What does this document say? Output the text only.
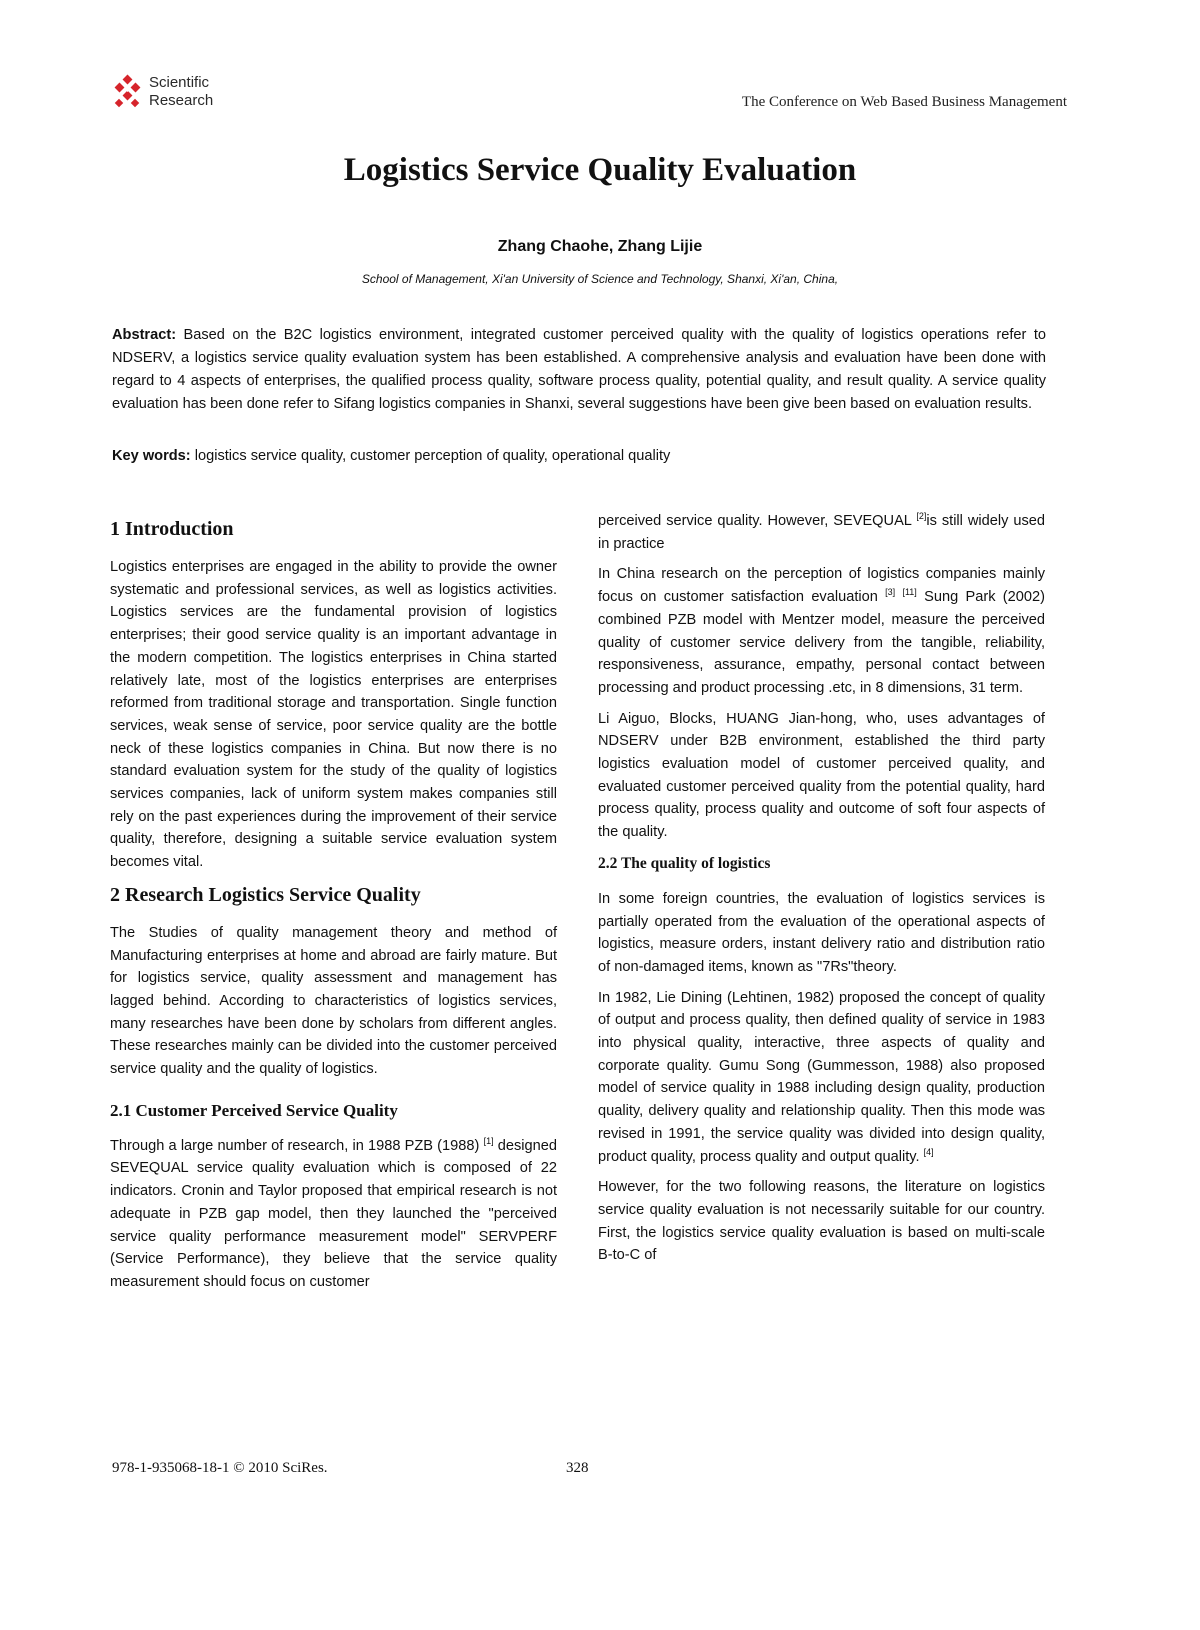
Scientific
Research	The Conference on Web Based Business Management
Logistics Service Quality Evaluation
Zhang Chaohe, Zhang Lijie
School of Management, Xi'an University of Science and Technology, Shanxi, Xi'an, China,
Abstract: Based on the B2C logistics environment, integrated customer perceived quality with the quality of logistics operations refer to NDSERV, a logistics service quality evaluation system has been established. A comprehensive analysis and evaluation have been done with regard to 4 aspects of enterprises, the qualified process quality, software process quality, potential quality, and result quality. A service quality evaluation has been done refer to Sifang logistics companies in Shanxi, several suggestions have been give been based on evaluation results.
Key words: logistics service quality, customer perception of quality, operational quality
1 Introduction

Logistics enterprises are engaged in the ability to provide the owner systematic and professional services, as well as logistics activities. Logistics services are the fundamental provision of logistics enterprises; their good service quality is an important advantage in the modern competition. The logistics enterprises in China started relatively late, most of the logistics enterprises are enterprises reformed from traditional storage and transportation. Single function services, weak sense of service, poor service quality are the bottle neck of these logistics companies in China. But now there is no standard evaluation system for the study of the quality of logistics services companies, lack of uniform system makes companies still rely on the past experiences during the improvement of their service quality, therefore, designing a suitable service evaluation system becomes vital.

2 Research Logistics Service Quality

The Studies of quality management theory and method of Manufacturing enterprises at home and abroad are fairly mature. But for logistics service, quality assessment and management has lagged behind. According to characteristics of logistics services, many researches have been done by scholars from different angles. These researches mainly can be divided into the customer perceived service quality and the quality of logistics.

2.1 Customer Perceived Service Quality

Through a large number of research, in 1988 PZB (1988) [1] designed SEVEQUAL service quality evaluation which is composed of 22 indicators. Cronin and Taylor proposed that empirical research is not adequate in PZB gap model, then they launched the "perceived service quality performance measurement model" SERVPERF (Service Performance), they believe that the service quality measurement should focus on customer

perceived service quality. However, SEVEQUAL [2]is still widely used in practice

In China research on the perception of logistics companies mainly focus on customer satisfaction evaluation [3] [11] Sung Park (2002) combined PZB model with Mentzer model, measure the perceived quality of customer service delivery from the tangible, reliability, responsiveness, assurance, empathy, personal contact between processing and product processing .etc, in 8 dimensions, 31 term.

Li Aiguo, Blocks, HUANG Jian-hong, who, uses advantages of NDSERV under B2B environment, established the third party logistics evaluation model of customer perceived quality, and evaluated customer perceived quality from the potential quality, hard process quality, process quality and outcome of soft four aspects of the quality.

2.2 The quality of logistics

In some foreign countries, the evaluation of logistics services is partially operated from the evaluation of the operational aspects of logistics, measure orders, instant delivery ratio and distribution ratio of non-damaged items, known as "7Rs"theory.

In 1982, Lie Dining (Lehtinen, 1982) proposed the concept of quality of output and process quality, then defined quality of service in 1983 into physical quality, interactive, three aspects of quality and corporate quality. Gumu Song (Gummesson, 1988) also proposed model of service quality in 1988 including design quality, production quality, delivery quality and relationship quality. Then this mode was revised in 1991, the service quality was divided into design quality, product quality, process quality and output quality. [4]

However, for the two following reasons, the literature on logistics service quality evaluation is not necessarily suitable for our country. First, the logistics service quality evaluation is based on multi-scale B-to-C of

978-1-935068-18-1 © 2010 SciRes.	328
